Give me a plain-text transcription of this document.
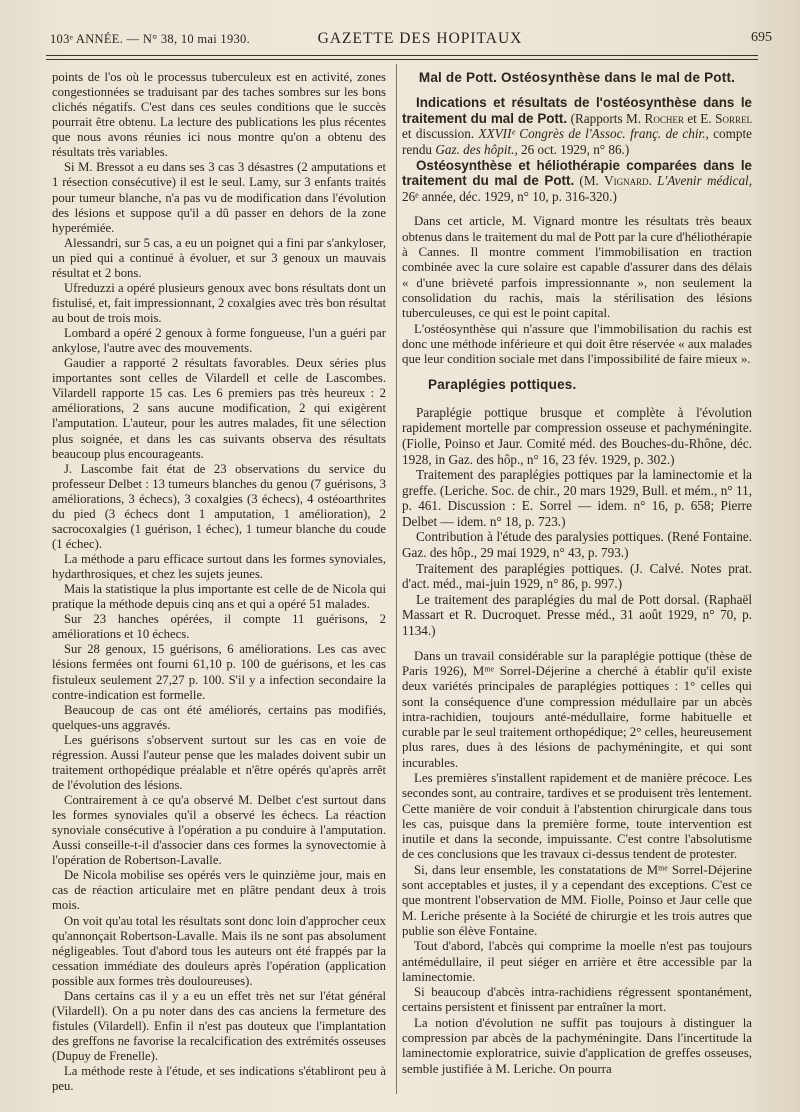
103ᵉ ANNÉE. — N° 38, 10 mai 1930.	GAZETTE DES HOPITAUX	695

points de l'os où le processus tuberculeux est en activité, zones congestionnées se traduisant par des taches sombres sur les bons clichés négatifs. C'est dans ces seules conditions que le succès pourrait être obtenu. La lecture des publications les plus récentes que nous avons réunies ici nous montre qu'on a obtenu des résultats très variables.

Si M. Bressot a eu dans ses 3 cas 3 désastres (2 amputations et 1 résection consécutive) il est le seul. Lamy, sur 3 enfants traités pour tumeur blanche, n'a pas vu de modification dans l'évolution des lésions et suppose qu'il a dû passer en dehors de la zone hyperémiée.

Alessandri, sur 5 cas, a eu un poignet qui a fini par s'ankyloser, un pied qui a continué à évoluer, et sur 3 genoux un mauvais résultat et 2 bons.

Ufreduzzi a opéré plusieurs genoux avec bons résultats dont un fistulisé, et, fait impressionnant, 2 coxalgies avec très bon résultat au bout de trois mois.

Lombard a opéré 2 genoux à forme fongueuse, l'un a guéri par ankylose, l'autre avec des mouvements.

Gaudier a rapporté 2 résultats favorables. Deux séries plus importantes sont celles de Vilardell et celle de Lascombes. Vilardell rapporte 15 cas. Les 6 premiers pas très heureux : 2 améliorations, 2 sans aucune modification, 2 qui exigèrent l'amputation. L'auteur, pour les autres malades, fit une sélection plus soignée, et dans les cas suivants observa des résultats beaucoup plus encourageants.

J. Lascombe fait état de 23 observations du service du professeur Delbet : 13 tumeurs blanches du genou (7 guérisons, 3 améliorations, 3 échecs), 3 coxalgies (3 échecs), 4 ostéoarthrites du pied (3 échecs dont 1 amputation, 1 amélioration), 2 sacrocoxalgies (1 guérison, 1 échec), 1 tumeur blanche du coude (1 échec).

La méthode a paru efficace surtout dans les formes synoviales, hydarthrosiques, et chez les sujets jeunes.

Mais la statistique la plus importante est celle de de Nicola qui pratique la méthode depuis cinq ans et qui a opéré 51 malades.

Sur 23 hanches opérées, il compte 11 guérisons, 2 améliorations et 10 échecs.

Sur 28 genoux, 15 guérisons, 6 améliorations. Les cas avec lésions fermées ont fourni 61,10 p. 100 de guérisons, et les cas fistuleux seulement 27,27 p. 100. S'il y a infection secondaire la contre-indication est formelle.

Beaucoup de cas ont été améliorés, certains pas modifiés, quelques-uns aggravés.

Les guérisons s'observent surtout sur les cas en voie de régression. Aussi l'auteur pense que les malades doivent subir un traitement orthopédique préalable et n'être opérés qu'après arrêt de l'évolution des lésions.

Contrairement à ce qu'a observé M. Delbet c'est surtout dans les formes synoviales qu'il a observé les échecs. La réaction synoviale consécutive à l'opération a pu conduire à l'amputation. Aussi conseille-t-il d'associer dans ces formes la synovectomie à l'opération de Robertson-Lavalle.

De Nicola mobilise ses opérés vers le quinzième jour, mais en cas de réaction articulaire met en plâtre pendant deux à trois mois.

On voit qu'au total les résultats sont donc loin d'approcher ceux qu'annonçait Robertson-Lavalle. Mais ils ne sont pas absolument négligeables. Tout d'abord tous les auteurs ont été frappés par la cessation immédiate des douleurs après l'opération (application possible aux formes très douloureuses).

Dans certains cas il y a eu un effet très net sur l'état général (Vilardell). On a pu noter dans des cas anciens la fermeture des fistules (Vilardell). Enfin il n'est pas douteux que l'implantation des greffons ne favorise la recalcification des extrémités osseuses (Dupuy de Frenelle).

La méthode reste à l'étude, et ses indications s'établiront peu à peu.

Mal de Pott. Ostéosynthèse dans le mal de Pott.

Indications et résultats de l'ostéosynthèse dans le traitement du mal de Pott. (Rapports M. Rocher et E. Sorrel et discussion. XXVIIᵉ Congrès de l'Assoc. franç. de chir., compte rendu Gaz. des hôpit., 26 oct. 1929, n° 86.)

Ostéosynthèse et héliothérapie comparées dans le traitement du mal de Pott. (M. Vignard. L'Avenir médical, 26ᵉ année, déc. 1929, n° 10, p. 316-320.)

Dans cet article, M. Vignard montre les résultats très beaux obtenus dans le traitement du mal de Pott par la cure d'héliothérapie à Cannes. Il montre comment l'immobilisation en traction combinée avec la cure solaire est capable d'assurer dans des délais « d'une brièveté parfois impressionnante », non seulement la consolidation du rachis, mais la stérilisation des lésions tuberculeuses, ce qui est le point capital.

L'ostéosynthèse qui n'assure que l'immobilisation du rachis est donc une méthode inférieure et qui doit être réservée « aux malades que leur condition sociale met dans l'impossibilité de faire mieux ».

Paraplégies pottiques.

Paraplégie pottique brusque et complète à l'évolution rapidement mortelle par compression osseuse et pachyméningite. (Fiolle, Poinso et Jaur. Comité méd. des Bouches-du-Rhône, déc. 1928, in Gaz. des hôp., n° 16, 23 fév. 1929, p. 302.)

Traitement des paraplégies pottiques par la laminectomie et la greffe. (Leriche. Soc. de chir., 20 mars 1929, Bull. et mém., n° 11, p. 461. Discussion : E. Sorrel — idem. n° 16, p. 658; Pierre Delbet — idem. n° 18, p. 723.)

Contribution à l'étude des paralysies pottiques. (René Fontaine. Gaz. des hôp., 29 mai 1929, n° 43, p. 793.)

Traitement des paraplégies pottiques. (J. Calvé. Notes prat. d'act. méd., mai-juin 1929, n° 86, p. 997.)

Le traitement des paraplégies du mal de Pott dorsal. (Raphaël Massart et R. Ducroquet. Presse méd., 31 août 1929, n° 70, p. 1134.)

Dans un travail considérable sur la paraplégie pottique (thèse de Paris 1926), Mᵐᵉ Sorrel-Déjerine a cherché à établir qu'il existe deux variétés principales de paraplégies pottiques : 1° celles qui sont la conséquence d'une compression médullaire par un abcès intra-rachidien, toujours anté-médullaire, forme habituelle et curable par le seul traitement orthopédique; 2° celles, heureusement plus rares, dues à des lésions de pachyméningite, et qui sont incurables.

Les premières s'installent rapidement et de manière précoce. Les secondes sont, au contraire, tardives et se produisent très lentement. Cette manière de voir conduit à l'abstention chirurgicale dans tous les cas, puisque dans la première forme, toute intervention est inutile et dans la seconde, impuissante. C'est contre l'absolutisme de ces conclusions que les travaux ci-dessus tendent de protester.

Si, dans leur ensemble, les constatations de Mᵐᵉ Sorrel-Déjerine sont acceptables et justes, il y a cependant des exceptions. C'est ce que montrent l'observation de MM. Fiolle, Poinso et Jaur celle que M. Leriche présente à la Société de chirurgie et les trois autres que publie son élève Fontaine.

Tout d'abord, l'abcès qui comprime la moelle n'est pas toujours antémédullaire, il peut siéger en arrière et être accessible par la laminectomie.

Si beaucoup d'abcès intra-rachidiens régressent spontanément, certains persistent et finissent par entraîner la mort.

La notion d'évolution ne suffit pas toujours à distinguer la compression par abcès de la pachyméningite. Dans l'incertitude la laminectomie exploratrice, suivie d'application de greffes osseuses, semble justifiée à M. Leriche. On pourra
